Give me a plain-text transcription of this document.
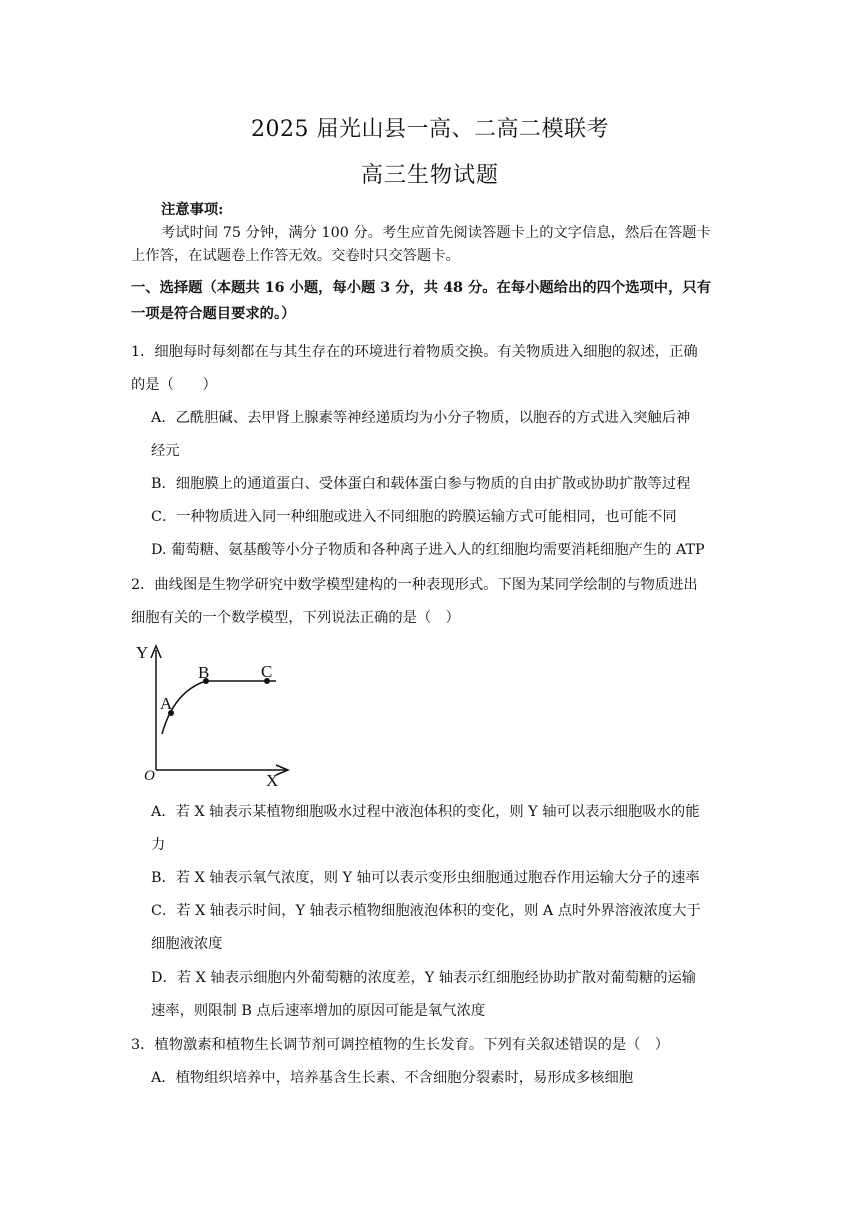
2025 届光山县一高、二高二模联考
高三生物试题
注意事项:
考试时间 75 分钟，满分 100 分。考生应首先阅读答题卡上的文字信息，然后在答题卡
上作答，在试题卷上作答无效。交卷时只交答题卡。
一、选择题（本题共 16 小题，每小题 3 分，共 48 分。在每小题给出的四个选项中，只有
一项是符合题目要求的。）
1．细胞每时每刻都在与其生存在的环境进行着物质交换。有关物质进入细胞的叙述，正确
的是（　　）
A．乙酰胆碱、去甲肾上腺素等神经递质均为小分子物质，以胞吞的方式进入突触后神
经元
B．细胞膜上的通道蛋白、受体蛋白和载体蛋白参与物质的自由扩散或协助扩散等过程
C．一种物质进入同一种细胞或进入不同细胞的跨膜运输方式可能相同，也可能不同
D. 葡萄糖、氨基酸等小分子物质和各种离子进入人的红细胞均需要消耗细胞产生的 ATP
2．曲线图是生物学研究中数学模型建构的一种表现形式。下图为某同学绘制的与物质进出
细胞有关的一个数学模型，下列说法正确的是（　）
Y
X
O
A
B	C
A．若 X 轴表示某植物细胞吸水过程中液泡体积的变化，则 Y 轴可以表示细胞吸水的能
力
B．若 X 轴表示氧气浓度，则 Y 轴可以表示变形虫细胞通过胞吞作用运输大分子的速率
C．若 X 轴表示时间，Y 轴表示植物细胞液泡体积的变化，则 A 点时外界溶液浓度大于
细胞液浓度
D．若 X 轴表示细胞内外葡萄糖的浓度差，Y 轴表示红细胞经协助扩散对葡萄糖的运输
速率，则限制 B 点后速率增加的原因可能是氧气浓度
3．植物激素和植物生长调节剂可调控植物的生长发育。下列有关叙述错误的是（　）
A．植物组织培养中，培养基含生长素、不含细胞分裂素时，易形成多核细胞
